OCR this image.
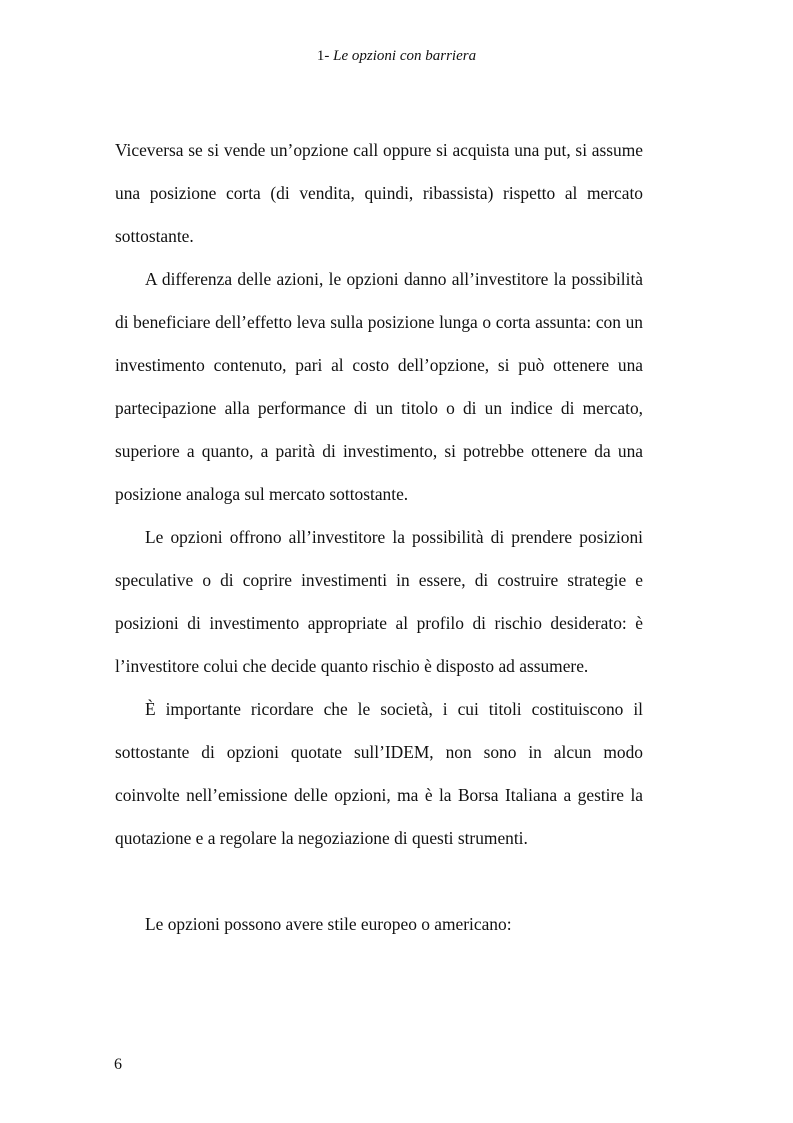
1- Le opzioni con barriera

Viceversa se si vende un’opzione call oppure si acquista una put, si assume una posizione corta (di vendita, quindi, ribassista) rispetto al mercato sottostante.

A differenza delle azioni, le opzioni danno all’investitore la possibilità di beneficiare dell’effetto leva sulla posizione lunga o corta assunta: con un investimento contenuto, pari al costo dell’opzione, si può ottenere una partecipazione alla performance di un titolo o di un indice di mercato, superiore a quanto, a parità di investimento, si potrebbe ottenere da una posizione analoga sul mercato sottostante.

Le opzioni offrono all’investitore la possibilità di prendere posizioni speculative o di coprire investimenti in essere, di costruire strategie e posizioni di investimento appropriate al profilo di rischio desiderato: è l’investitore colui che decide quanto rischio è disposto ad assumere.

È importante ricordare che le società, i cui titoli costituiscono il sottostante di opzioni quotate sull’IDEM, non sono in alcun modo coinvolte nell’emissione delle opzioni, ma è la Borsa Italiana a gestire la quotazione e a regolare la negoziazione di questi strumenti.

Le opzioni possono avere stile europeo o americano:

6
